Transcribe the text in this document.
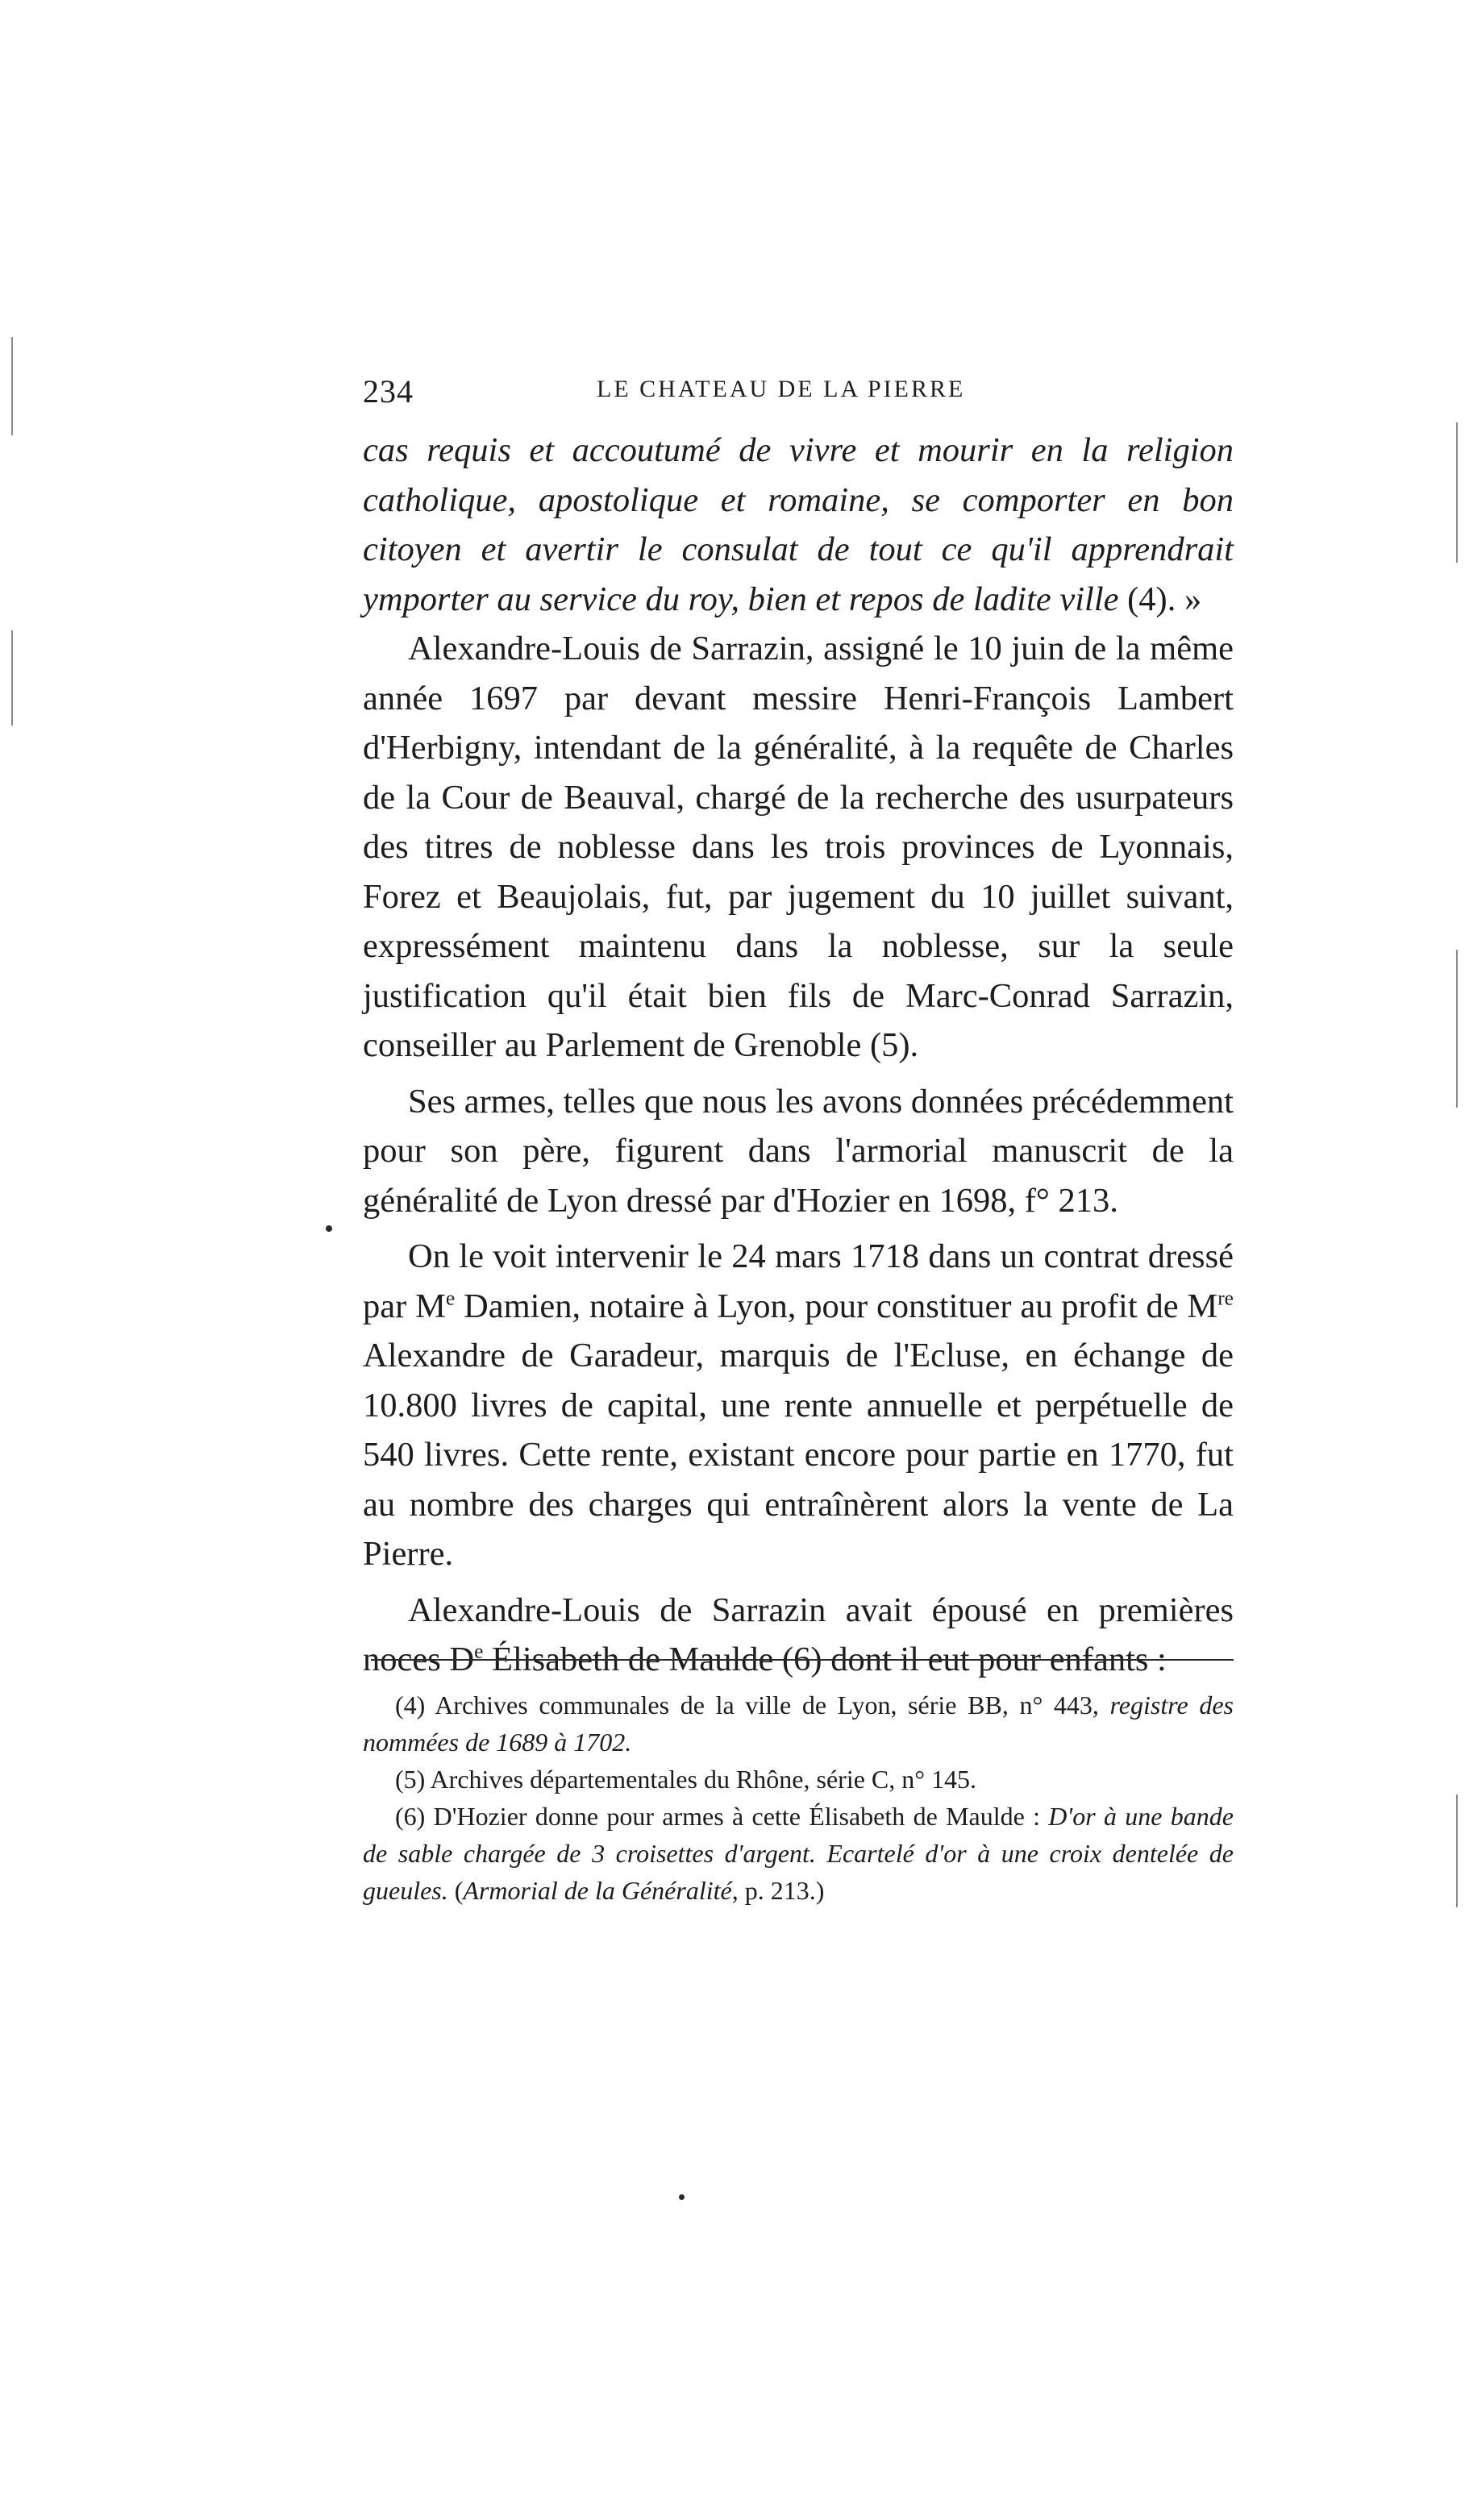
234	LE CHATEAU DE LA PIERRE

cas requis et accoutumé de vivre et mourir en la religion catholique, apostolique et romaine, se comporter en bon citoyen et avertir le consulat de tout ce qu'il apprendrait ymporter au service du roy, bien et repos de ladite ville (4). »

Alexandre-Louis de Sarrazin, assigné le 10 juin de la même année 1697 par devant messire Henri-François Lambert d'Herbigny, intendant de la généralité, à la requête de Charles de la Cour de Beauval, chargé de la recherche des usurpateurs des titres de noblesse dans les trois provinces de Lyonnais, Forez et Beaujolais, fut, par jugement du 10 juillet suivant, expressément maintenu dans la noblesse, sur la seule justification qu'il était bien fils de Marc-Conrad Sarrazin, conseiller au Parlement de Grenoble (5).

Ses armes, telles que nous les avons données précédemment pour son père, figurent dans l'armorial manuscrit de la généralité de Lyon dressé par d'Hozier en 1698, f° 213.

On le voit intervenir le 24 mars 1718 dans un contrat dressé par Me Damien, notaire à Lyon, pour constituer au profit de Mre Alexandre de Garadeur, marquis de l'Ecluse, en échange de 10.800 livres de capital, une rente annuelle et perpétuelle de 540 livres. Cette rente, existant encore pour partie en 1770, fut au nombre des charges qui entraînèrent alors la vente de La Pierre.

Alexandre-Louis de Sarrazin avait épousé en premières noces De Élisabeth de Maulde (6) dont il eut pour enfants :

(4) Archives communales de la ville de Lyon, série BB, n° 443, registre des nommées de 1689 à 1702.

(5) Archives départementales du Rhône, série C, n° 145.

(6) D'Hozier donne pour armes à cette Élisabeth de Maulde : D'or à une bande de sable chargée de 3 croisettes d'argent. Ecartelé d'or à une croix dentelée de gueules. (Armorial de la Généralité, p. 213.)
